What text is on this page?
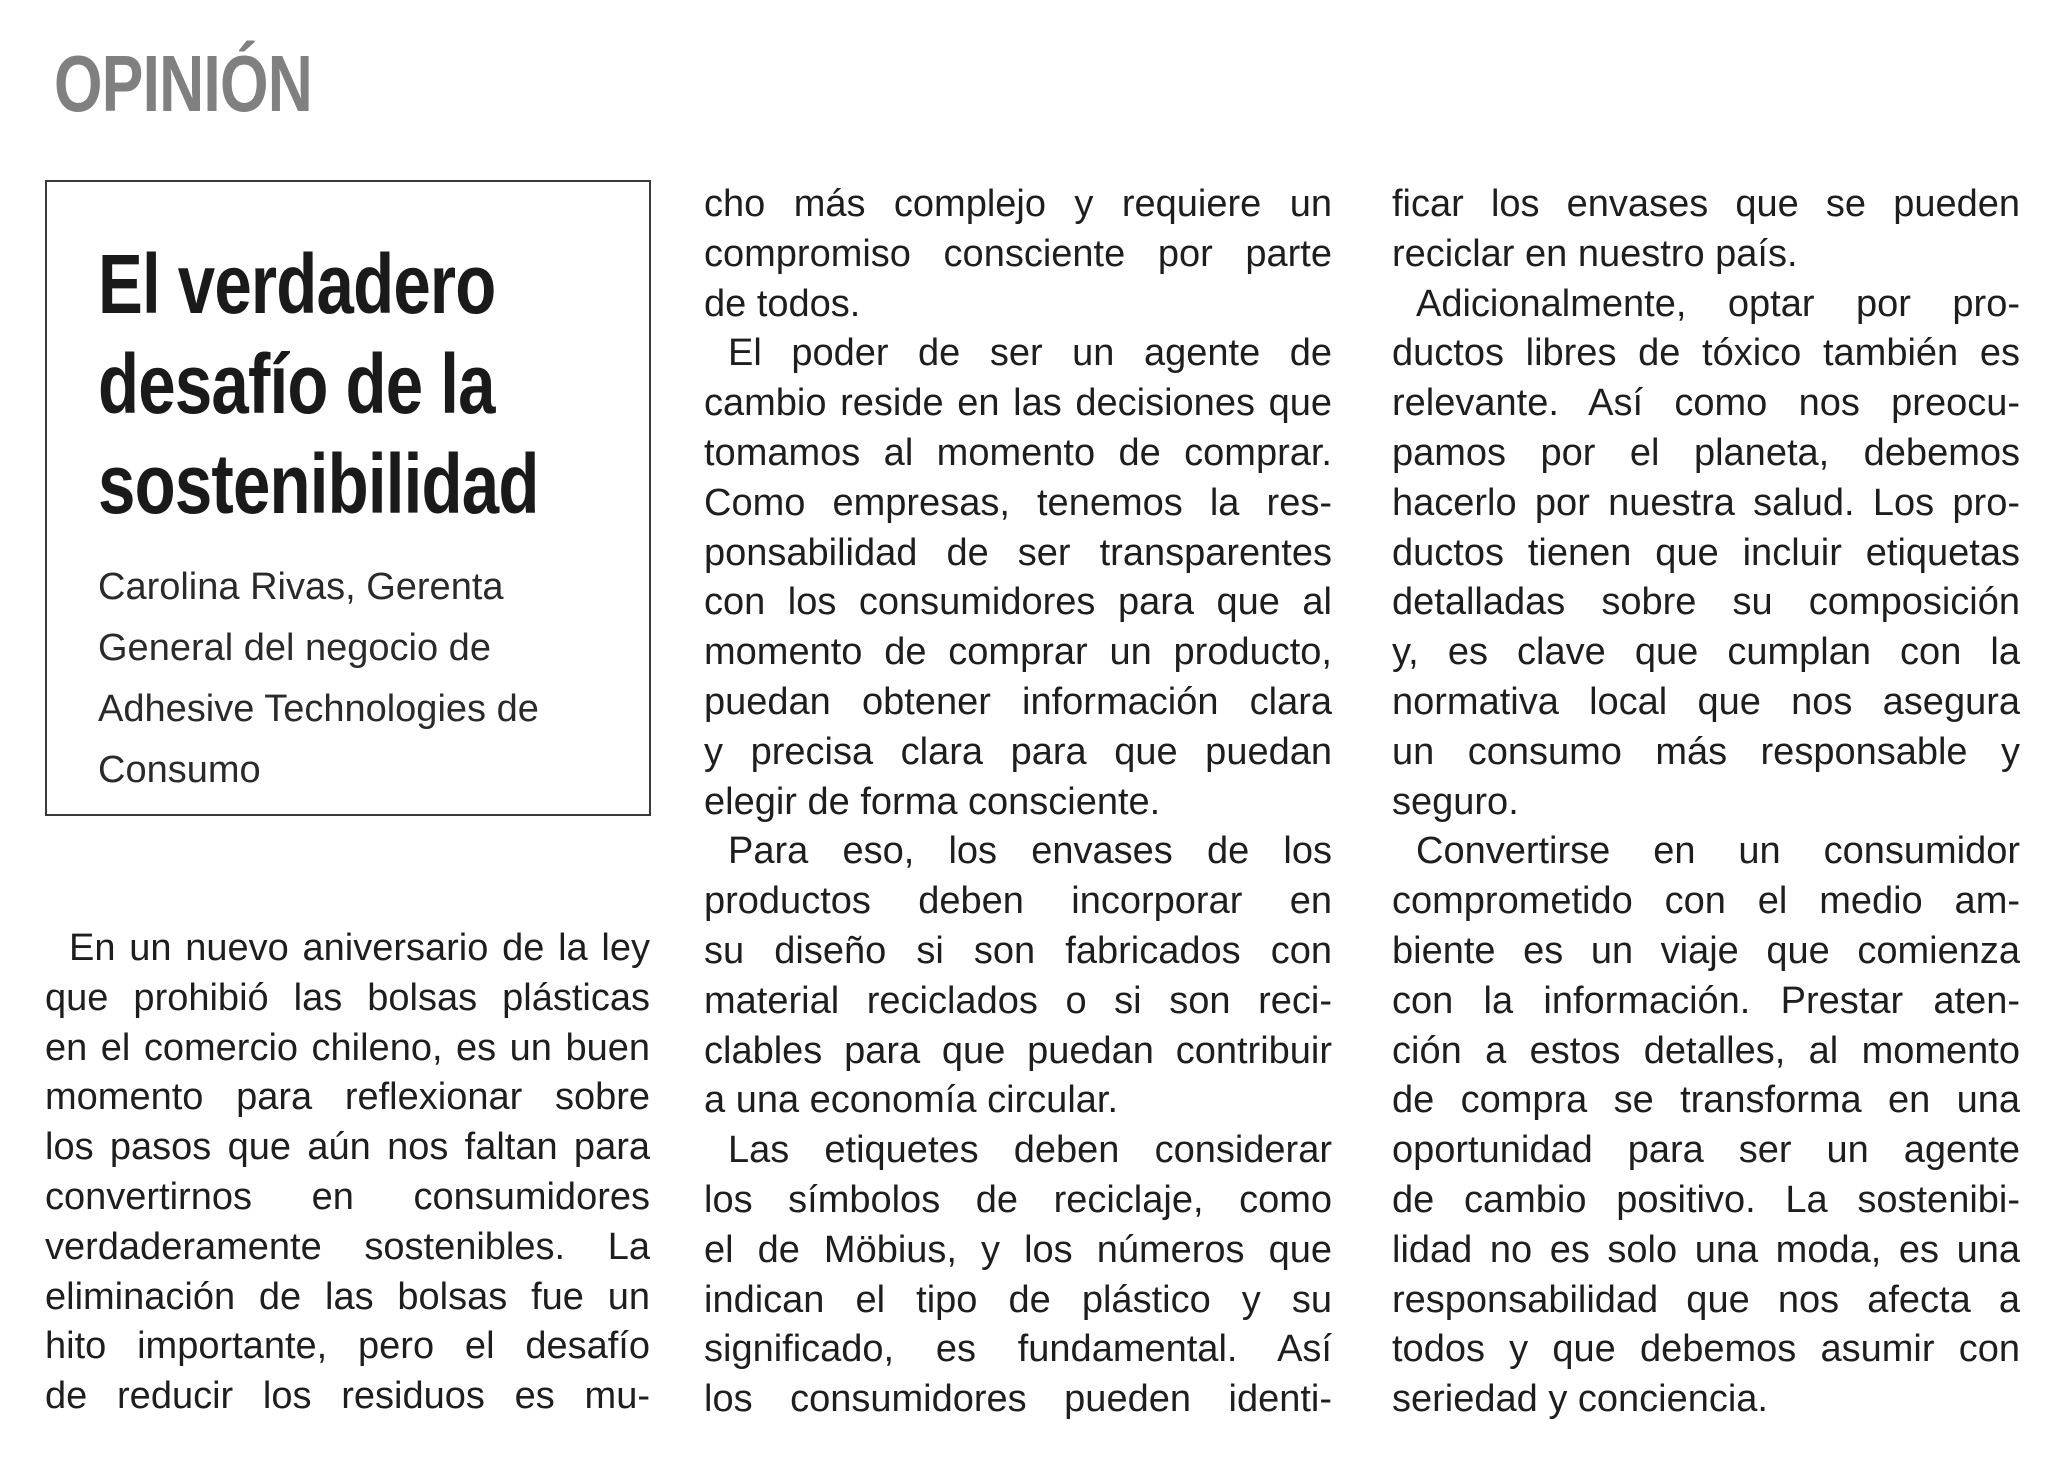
OPINIÓN
El verdadero
desafío de la
sostenibilidad
Carolina Rivas, Gerenta
General del negocio de
Adhesive Technologies de
Consumo
En un nuevo aniversario de la ley
que prohibió las bolsas plásticas
en el comercio chileno, es un buen
momento para reflexionar sobre
los pasos que aún nos faltan para
convertirnos en consumidores
verdaderamente sostenibles. La
eliminación de las bolsas fue un
hito importante, pero el desafío
de reducir los residuos es mu-
cho más complejo y requiere un
compromiso consciente por parte
de todos.
El poder de ser un agente de
cambio reside en las decisiones que
tomamos al momento de comprar.
Como empresas, tenemos la res-
ponsabilidad de ser transparentes
con los consumidores para que al
momento de comprar un producto,
puedan obtener información clara
y precisa clara para que puedan
elegir de forma consciente.
Para eso, los envases de los
productos deben incorporar en
su diseño si son fabricados con
material reciclados o si son reci-
clables para que puedan contribuir
a una economía circular.
Las etiquetes deben considerar
los símbolos de reciclaje, como
el de Möbius, y los números que
indican el tipo de plástico y su
significado, es fundamental. Así
los consumidores pueden identi-
ficar los envases que se pueden
reciclar en nuestro país.
Adicionalmente, optar por pro-
ductos libres de tóxico también es
relevante. Así como nos preocu-
pamos por el planeta, debemos
hacerlo por nuestra salud. Los pro-
ductos tienen que incluir etiquetas
detalladas sobre su composición
y, es clave que cumplan con la
normativa local que nos asegura
un consumo más responsable y
seguro.
Convertirse en un consumidor
comprometido con el medio am-
biente es un viaje que comienza
con la información. Prestar aten-
ción a estos detalles, al momento
de compra se transforma en una
oportunidad para ser un agente
de cambio positivo. La sostenibi-
lidad no es solo una moda, es una
responsabilidad que nos afecta a
todos y que debemos asumir con
seriedad y conciencia.
